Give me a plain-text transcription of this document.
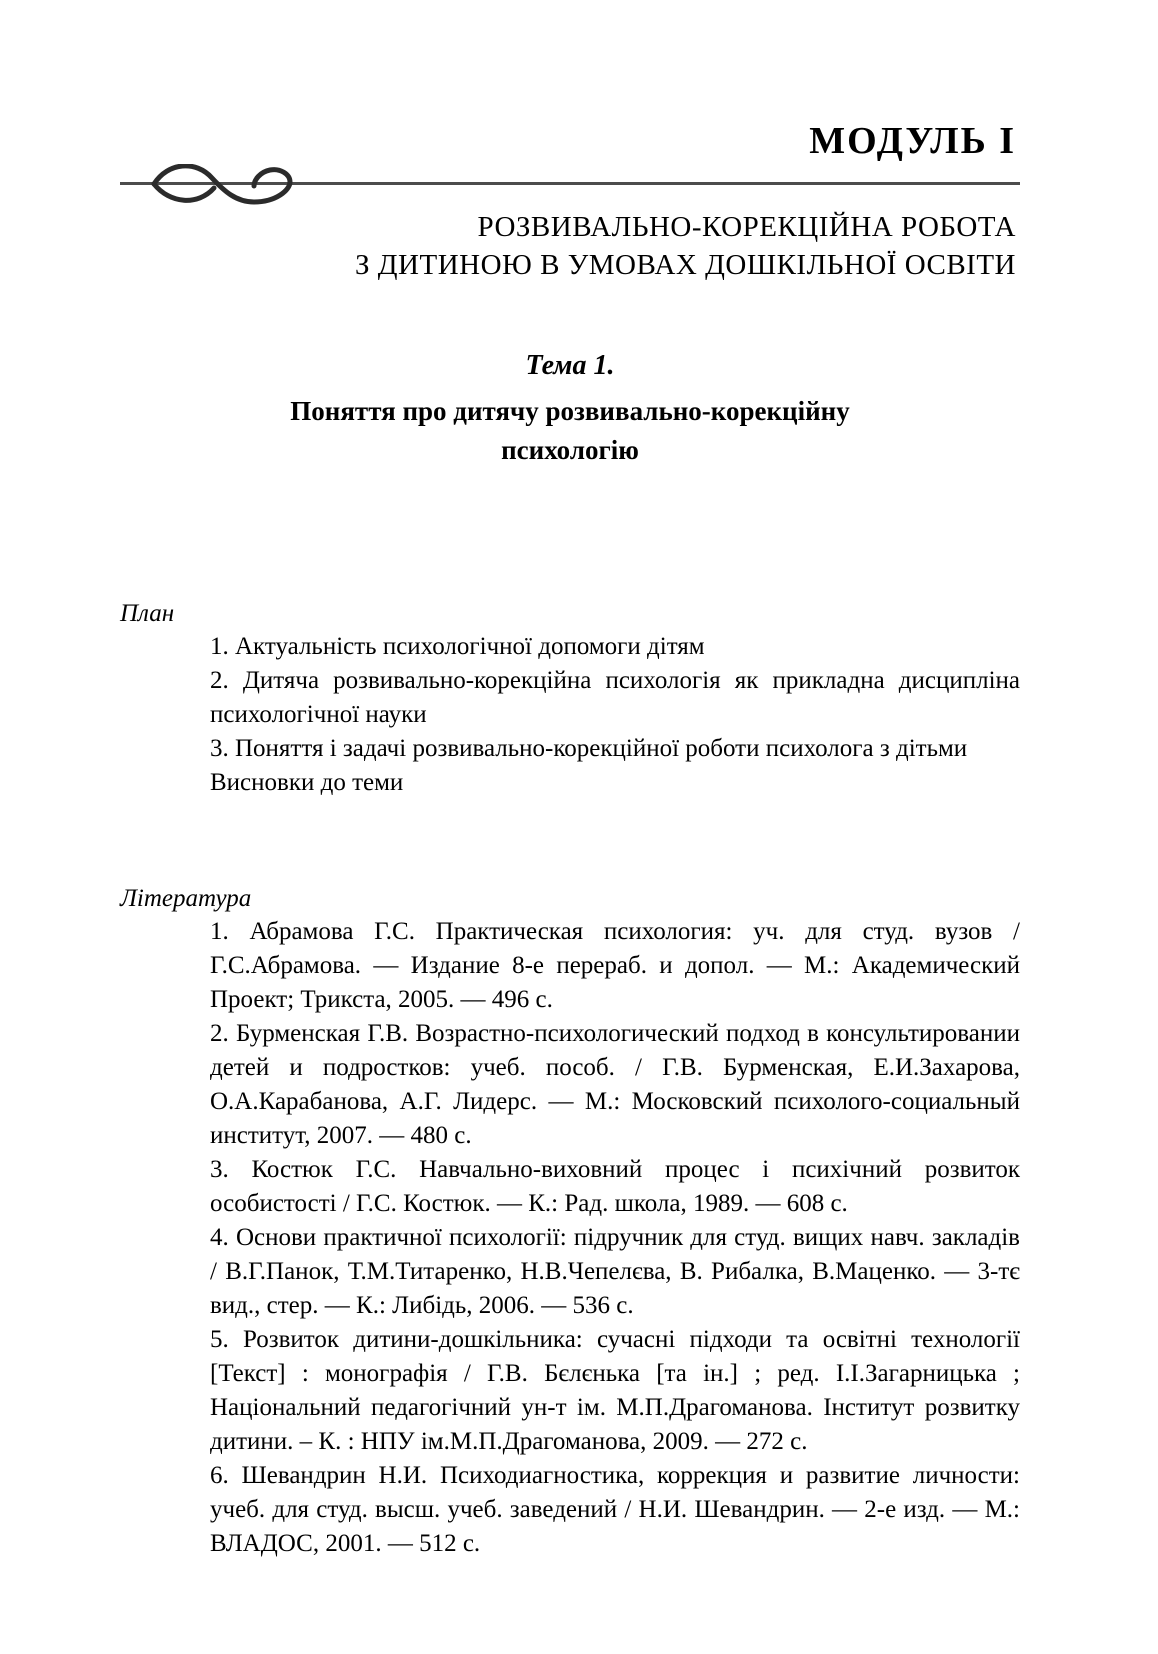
МОДУЛЬ I
РОЗВИВАЛЬНО-КОРЕКЦІЙНА РОБОТА
З ДИТИНОЮ В УМОВАХ ДОШКІЛЬНОЇ ОСВІТИ
Тема 1.
Поняття про дитячу розвивально-корекційну
психологію
План

1. Актуальність психологічної допомоги дітям

2. Дитяча розвивально-корекційна психологія як прикладна дисципліна психологічної науки

3. Поняття і задачі розвивально-корекційної роботи психолога з дітьми

Висновки до теми

Література

1. Абрамова Г.С. Практическая психология: уч. для студ. вузов / Г.С.Абрамова. — Издание 8-е перераб. и допол. — М.: Академический Проект; Трикста, 2005. — 496 с.

2. Бурменская Г.В. Возрастно-психологический подход в консультировании детей и подростков: учеб. пособ. / Г.В. Бурменская, Е.И.Захарова, О.А.Карабанова, А.Г. Лидерс. — М.: Московский психолого-социальный институт, 2007. — 480 с.

3. Костюк Г.С. Навчально-виховний процес і психічний розвиток особистості / Г.С. Костюк. — К.: Рад. школа, 1989. — 608 с.

4. Основи практичної психології: підручник для студ. вищих навч. закладів / В.Г.Панок, Т.М.Титаренко, Н.В.Чепелєва, В. Рибалка, В.Маценко. — 3-тє вид., стер. — К.: Либідь, 2006. — 536 с.

5. Розвиток дитини-дошкільника: сучасні підходи та освітні технології [Текст] : монографія / Г.В. Бєлєнька [та ін.] ; ред. І.І.Загарницька ; Національний педагогічний ун-т ім. М.П.Драгоманова. Інститут розвитку дитини. – К. : НПУ ім.М.П.Драгоманова, 2009. — 272 с.

6. Шевандрин Н.И. Психодиагностика, коррекция и развитие личности: учеб. для студ. высш. учеб. заведений / Н.И. Шевандрин. — 2-е изд. — М.: ВЛАДОС, 2001. — 512 с.
